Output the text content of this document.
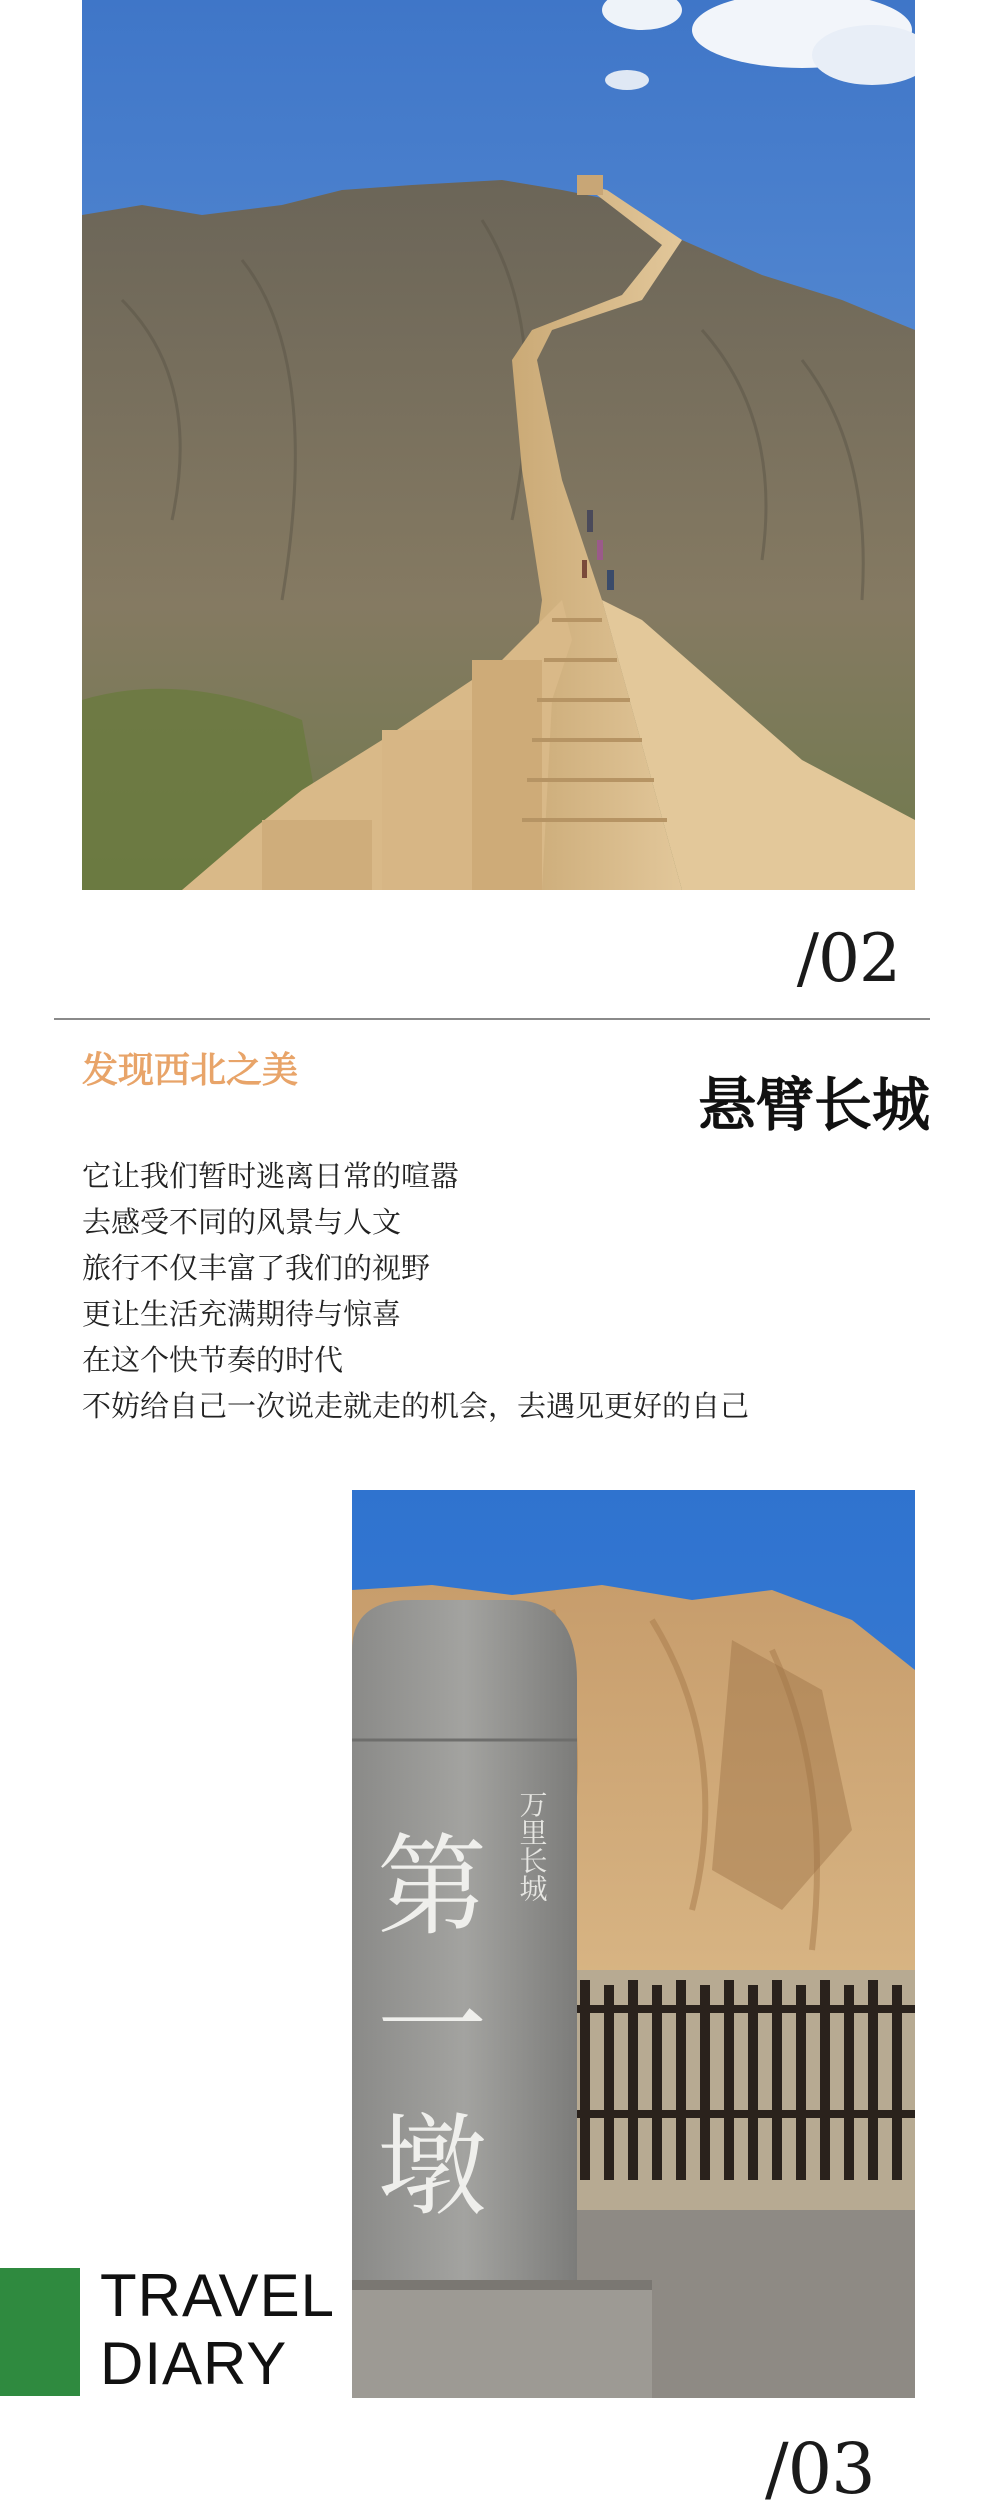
/02
发现西北之美
悬臂长城
它让我们暂时逃离日常的喧嚣
去感受不同的风景与人文
旅行不仅丰富了我们的视野
更让生活充满期待与惊喜
在这个快节奏的时代
不妨给自己一次说走就走的机会，去遇见更好的自己
万里长城
第
一
墩
TRAVEL
DIARY
/03
